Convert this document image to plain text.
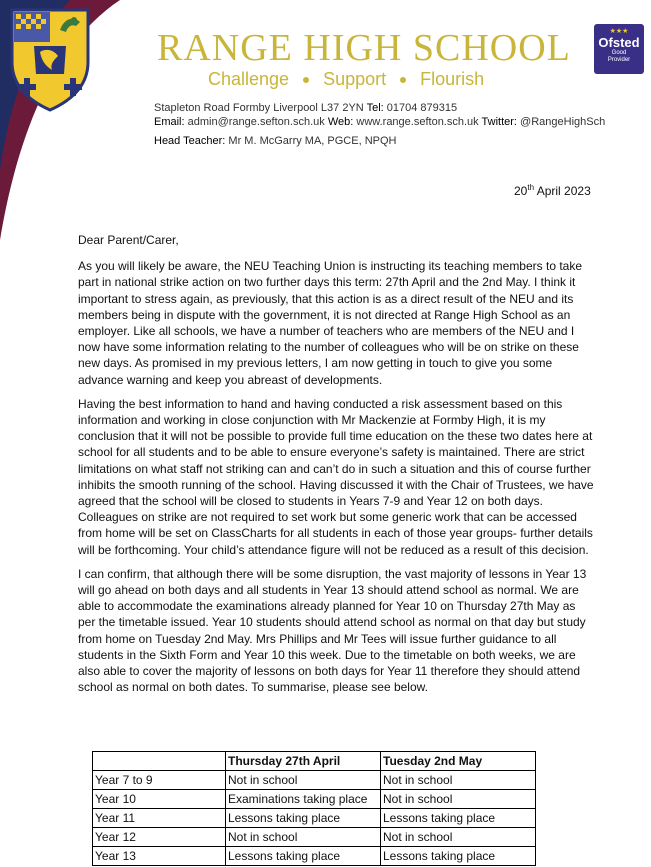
RANGE HIGH SCHOOL
Challenge Support Flourish
★★★
Ofsted
Good
Provider
Stapleton Road Formby Liverpool L37 2YN Tel: 01704 879315
Email: admin@range.sefton.sch.uk Web: www.range.sefton.sch.uk Twitter: @RangeHighSch
Head Teacher: Mr M. McGarry MA, PGCE, NPQH
20th April 2023

Dear Parent/Carer,

As you will likely be aware, the NEU Teaching Union is instructing its teaching members to take part in national strike action on two further days this term: 27th April and the 2nd May. I think it important to stress again, as previously, that this action is as a direct result of the NEU and its members being in dispute with the government, it is not directed at Range High School as an employer. Like all schools, we have a number of teachers who are members of the NEU and I now have some information relating to the number of colleagues who will be on strike on these new days. As promised in my previous letters, I am now getting in touch to give you some advance warning and keep you abreast of developments.

Having the best information to hand and having conducted a risk assessment based on this information and working in close conjunction with Mr Mackenzie at Formby High, it is my conclusion that it will not be possible to provide full time education on the these two dates here at school for all students and to be able to ensure everyone’s safety is maintained. There are strict limitations on what staff not striking can and can’t do in such a situation and this of course further inhibits the smooth running of the school. Having discussed it with the Chair of Trustees, we have agreed that the school will be closed to students in Years 7-9 and Year 12 on both days. Colleagues on strike are not required to set work but some generic work that can be accessed from home will be set on ClassCharts for all students in each of those year groups- further details will be forthcoming. Your child’s attendance figure will not be reduced as a result of this decision.

I can confirm, that although there will be some disruption, the vast majority of lessons in Year 13 will go ahead on both days and all students in Year 13 should attend school as normal. We are able to accommodate the examinations already planned for Year 10 on Thursday 27th May as per the timetable issued. Year 10 students should attend school as normal on that day but study from home on Tuesday 2nd May. Mrs Phillips and Mr Tees will issue further guidance to all students in the Sixth Form and Year 10 this week. Due to the timetable on both weeks, we are also able to cover the majority of lessons on both days for Year 11 therefore they should attend school as normal on both dates. To summarise, please see below.

	Thursday 27th April	Tuesday 2nd May
Year 7 to 9	Not in school	Not in school
Year 10	Examinations taking place	Not in school
Year 11	Lessons taking place	Lessons taking place
Year 12	Not in school	Not in school
Year 13	Lessons taking place	Lessons taking place
